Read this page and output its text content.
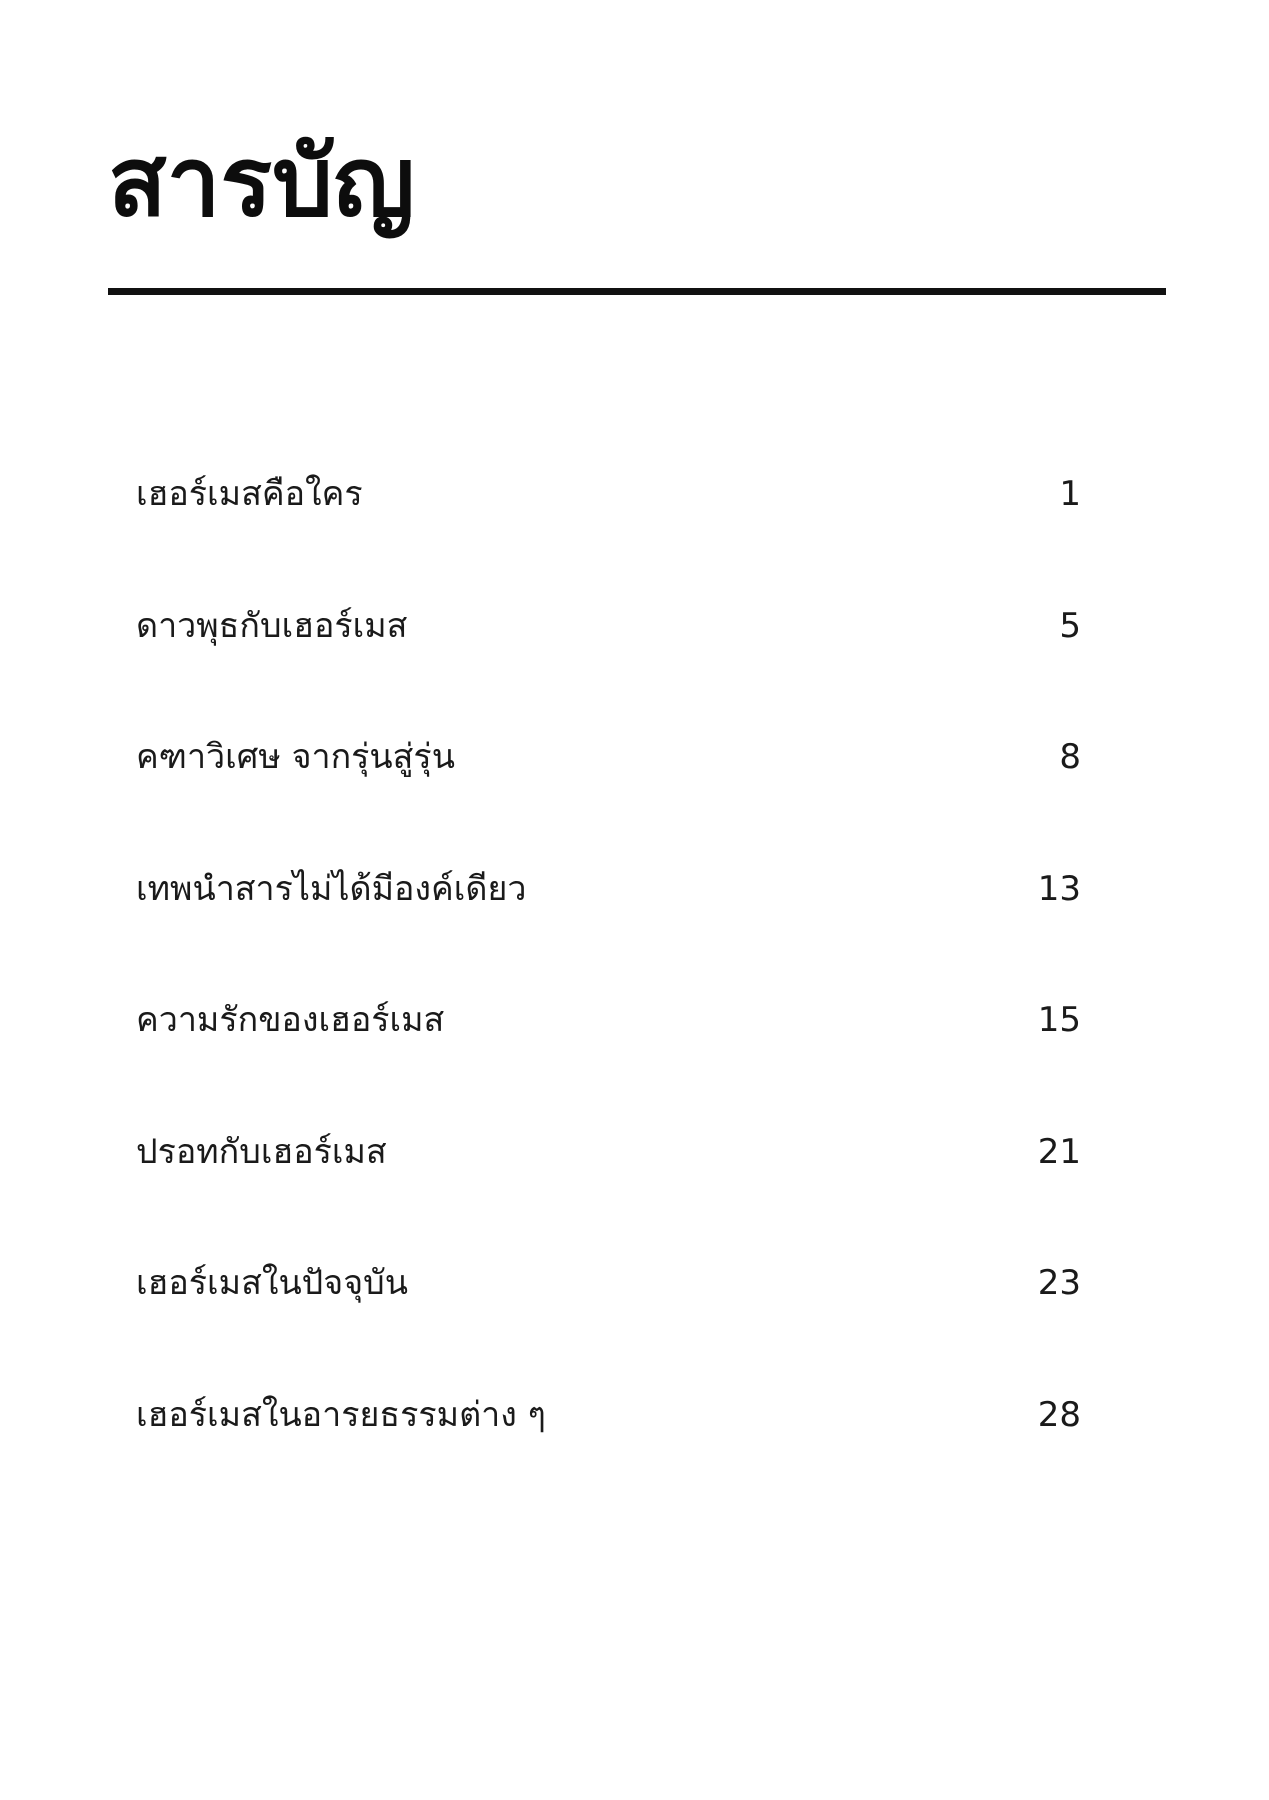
สารบัญ
เฮอร์เมสคือใคร	1
ดาวพุธกับเฮอร์เมส	5
คฑาวิเศษ จากรุ่นสู่รุ่น	8
เทพนำสารไม่ได้มีองค์เดียว	13
ความรักของเฮอร์เมส	15
ปรอทกับเฮอร์เมส	21
เฮอร์เมสในปัจจุบัน	23
เฮอร์เมสในอารยธรรมต่าง ๆ	28
